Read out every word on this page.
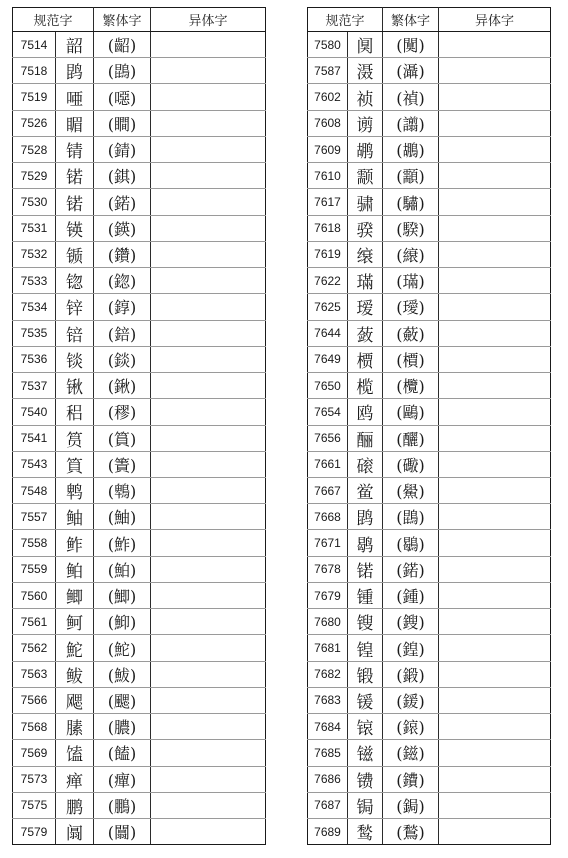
规范字		繁体字	异体字
7514	韶	(齠)	
7518	鹍	(鵾)	
7519	唖	(噁)	
7526	睸	(瞷)	
7528	锖	(錆)	
7529	锘	(錤)	
7530	锘	(鍩)	
7531	锳	(鍈)	
7532	锧	(鑽)	
7533	锪	(鍃)	
7534	锌	(錞)	
7535	锫	(錇)	
7536	锬	(錟)	
7537	锹	(鍬)	
7540	稆	(穋)	
7541	筼	(篔)	
7543	筫	(簀)	
7548	鹎	(鵯)	
7557	鲉	(鮋)	
7558	鲊	(鮓)	
7559	鲌	(鮊)	
7560	鲫	(鯽)	
7561	鲄	(鮣)	
7562	鮀	(鮀)	
7563	鲅	(鮁)	
7566	飔	(颸)	
7568	膆	(膿)	
7569	馌	(饁)	
7573	瘅	(癉)	
7575	鹏	(鵬)	
7579	阘	(闒)	
规范字		繁体字	异体字
7580	阒	(闃)	
7587	滠	(灄)	
7602	祯	(禎)	
7608	谫	(譾)	
7609	鹕	(鶘)	
7610	颥	(顬)	
7617	骕	(驌)	
7618	骙	(騤)	
7619	缞	(縗)	
7622	璊	(璊)	
7625	瑷	(璦)	
7644	蔹	(蘞)	
7649	槚	(檟)	
7650	榄	(欖)	
7654	鸥	(鷗)	
7656	酾	(釃)	
7661	磙	(礮)	
7667	鲎	(鱟)	
7668	鹍	(鵾)	
7671	鹖	(鶡)	
7678	锘	(鍩)	
7679	锺	(鍾)	
7680	锼	(鎪)	
7681	锽	(鍠)	
7682	锻	(鍛)	
7683	锾	(鍰)	
7684	锿	(鎄)	
7685	镃	(鎡)	
7686	镄	(鐨)	
7687	锔	(鋦)	
7689	鹙	(鶖)	
